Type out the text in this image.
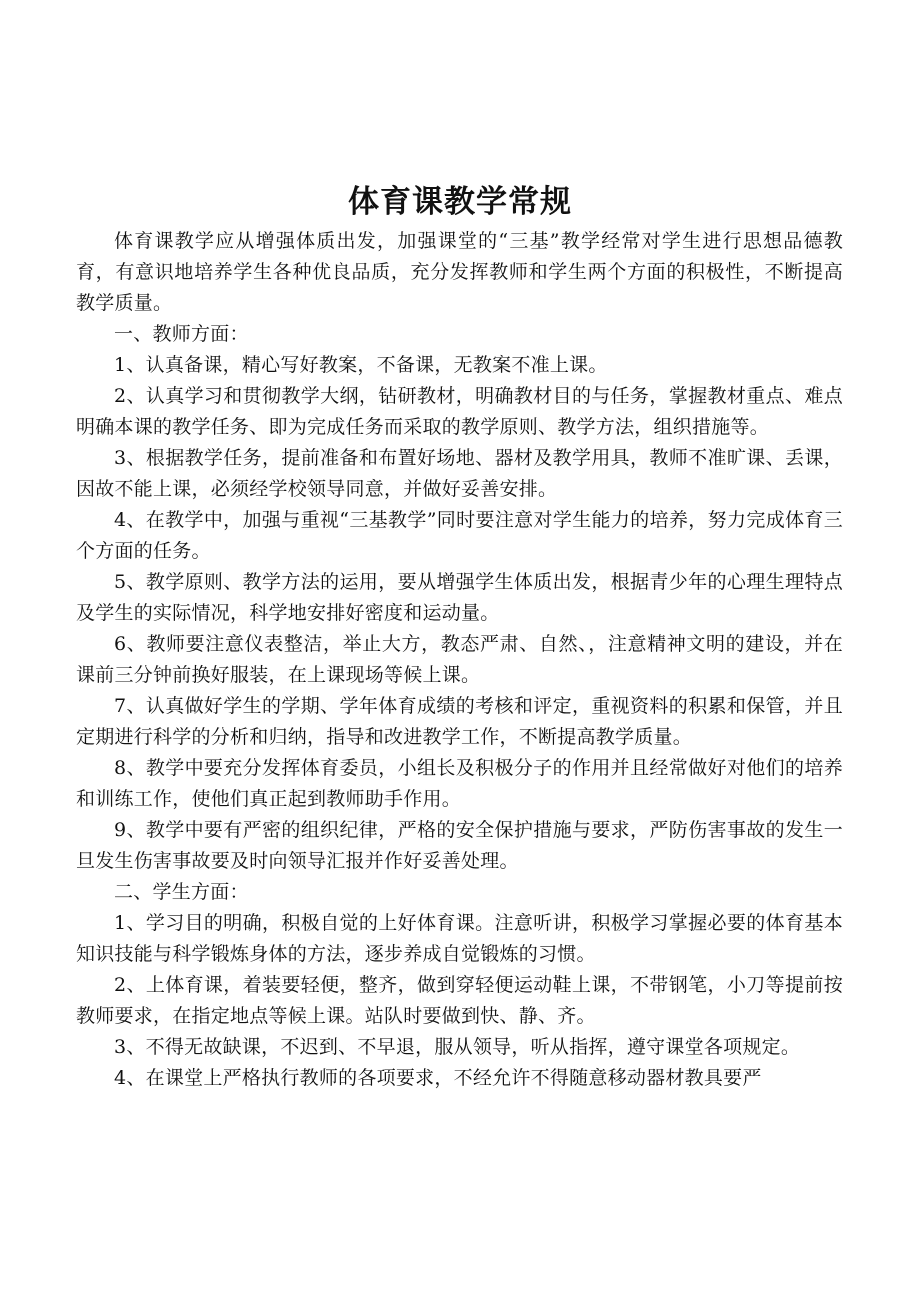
体育课教学常规

体育课教学应从增强体质出发，加强课堂的“三基”教学经常对学生进行思想品德教育，有意识地培养学生各种优良品质，充分发挥教师和学生两个方面的积极性，不断提高教学质量。

一、教师方面：

1、认真备课，精心写好教案，不备课，无教案不准上课。

2、认真学习和贯彻教学大纲，钻研教材，明确教材目的与任务，掌握教材重点、难点明确本课的教学任务、即为完成任务而采取的教学原则、教学方法，组织措施等。

3、根据教学任务，提前准备和布置好场地、器材及教学用具，教师不准旷课、丢课，因故不能上课，必须经学校领导同意，并做好妥善安排。

4、在教学中，加强与重视“三基教学”同时要注意对学生能力的培养，努力完成体育三个方面的任务。

5、教学原则、教学方法的运用，要从增强学生体质出发，根据青少年的心理生理特点及学生的实际情况，科学地安排好密度和运动量。

6、教师要注意仪表整洁，举止大方，教态严肃、自然、，注意精神文明的建设，并在课前三分钟前换好服装，在上课现场等候上课。

7、认真做好学生的学期、学年体育成绩的考核和评定，重视资料的积累和保管，并且定期进行科学的分析和归纳，指导和改进教学工作，不断提高教学质量。

8、教学中要充分发挥体育委员，小组长及积极分子的作用并且经常做好对他们的培养和训练工作，使他们真正起到教师助手作用。

9、教学中要有严密的组织纪律，严格的安全保护措施与要求，严防伤害事故的发生一旦发生伤害事故要及时向领导汇报并作好妥善处理。

二、学生方面：

1、学习目的明确，积极自觉的上好体育课。注意听讲，积极学习掌握必要的体育基本知识技能与科学锻炼身体的方法，逐步养成自觉锻炼的习惯。

2、上体育课，着装要轻便，整齐，做到穿轻便运动鞋上课，不带钢笔，小刀等提前按教师要求，在指定地点等候上课。站队时要做到快、静、齐。

3、不得无故缺课，不迟到、不早退，服从领导，听从指挥，遵守课堂各项规定。

4、在课堂上严格执行教师的各项要求，不经允许不得随意移动器材教具要严
